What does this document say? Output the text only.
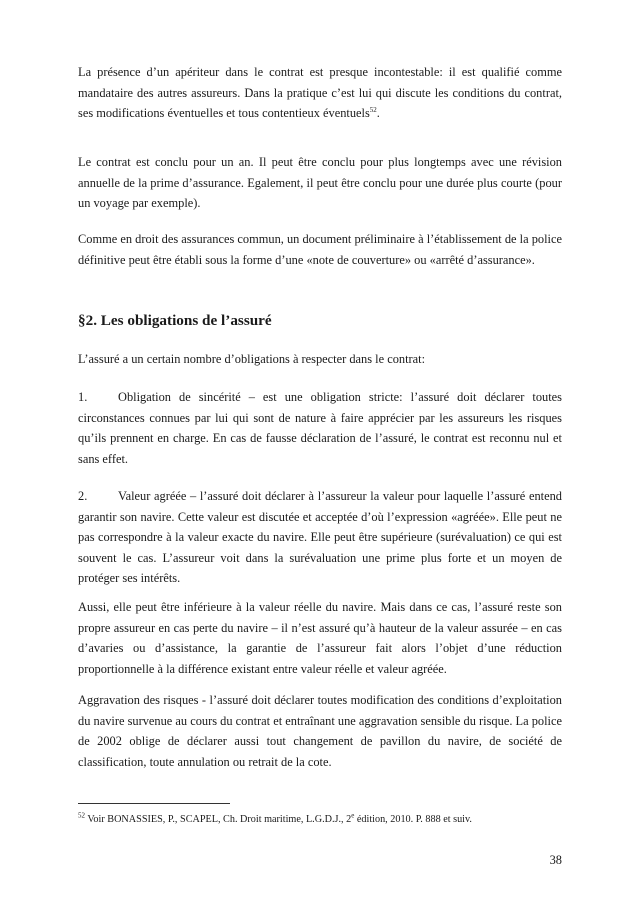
La présence d’un apériteur dans le contrat est presque incontestable: il est qualifié comme mandataire des autres assureurs. Dans la pratique c’est lui qui discute les conditions du contrat, ses modifications éventuelles et tous contentieux éventuels$^{52}$.

Le contrat est conclu pour un an. Il peut être conclu pour plus longtemps avec une révision annuelle de la prime d’assurance. Egalement, il peut être conclu pour une durée plus courte (pour un voyage par exemple).

Comme en droit des assurances commun, un document préliminaire à l’établissement de la police définitive peut être établi sous la forme d’une «note de couverture» ou «arrêté d’assurance».

§2. Les obligations de l’assuré

L’assuré a un certain nombre d’obligations à respecter dans le contrat:

1. Obligation de sincérité – est une obligation stricte: l’assuré doit déclarer toutes circonstances connues par lui qui sont de nature à faire apprécier par les assureurs les risques qu’ils prennent en charge. En cas de fausse déclaration de l’assuré, le contrat est reconnu nul et sans effet.

2. Valeur agréée – l’assuré doit déclarer à l’assureur la valeur pour laquelle l’assuré entend garantir son navire. Cette valeur est discutée et acceptée d’où l’expression «agréée». Elle peut ne pas correspondre à la valeur exacte du navire. Elle peut être supérieure (surévaluation) ce qui est souvent le cas. L’assureur voit dans la surévaluation une prime plus forte et un moyen de protéger ses intérêts.

Aussi, elle peut être inférieure à la valeur réelle du navire. Mais dans ce cas, l’assuré reste son propre assureur en cas perte du navire – il n’est assuré qu’à hauteur de la valeur assurée – en cas d’avaries ou d’assistance, la garantie de l’assureur fait alors l’objet d’une réduction proportionnelle à la différence existant entre valeur réelle et valeur agréée.

Aggravation des risques - l’assuré doit déclarer toutes modification des conditions d’exploitation du navire survenue au cours du contrat et entraînant une aggravation sensible du risque. La police de 2002 oblige de déclarer aussi tout changement de pavillon du navire, de société de classification, toute annulation ou retrait de la cote.

$^{52}$ Voir BONASSIES, P., SCAPEL, Ch. Droit maritime, L.G.D.J., 2e édition, 2010. P. 888 et suiv.

38
